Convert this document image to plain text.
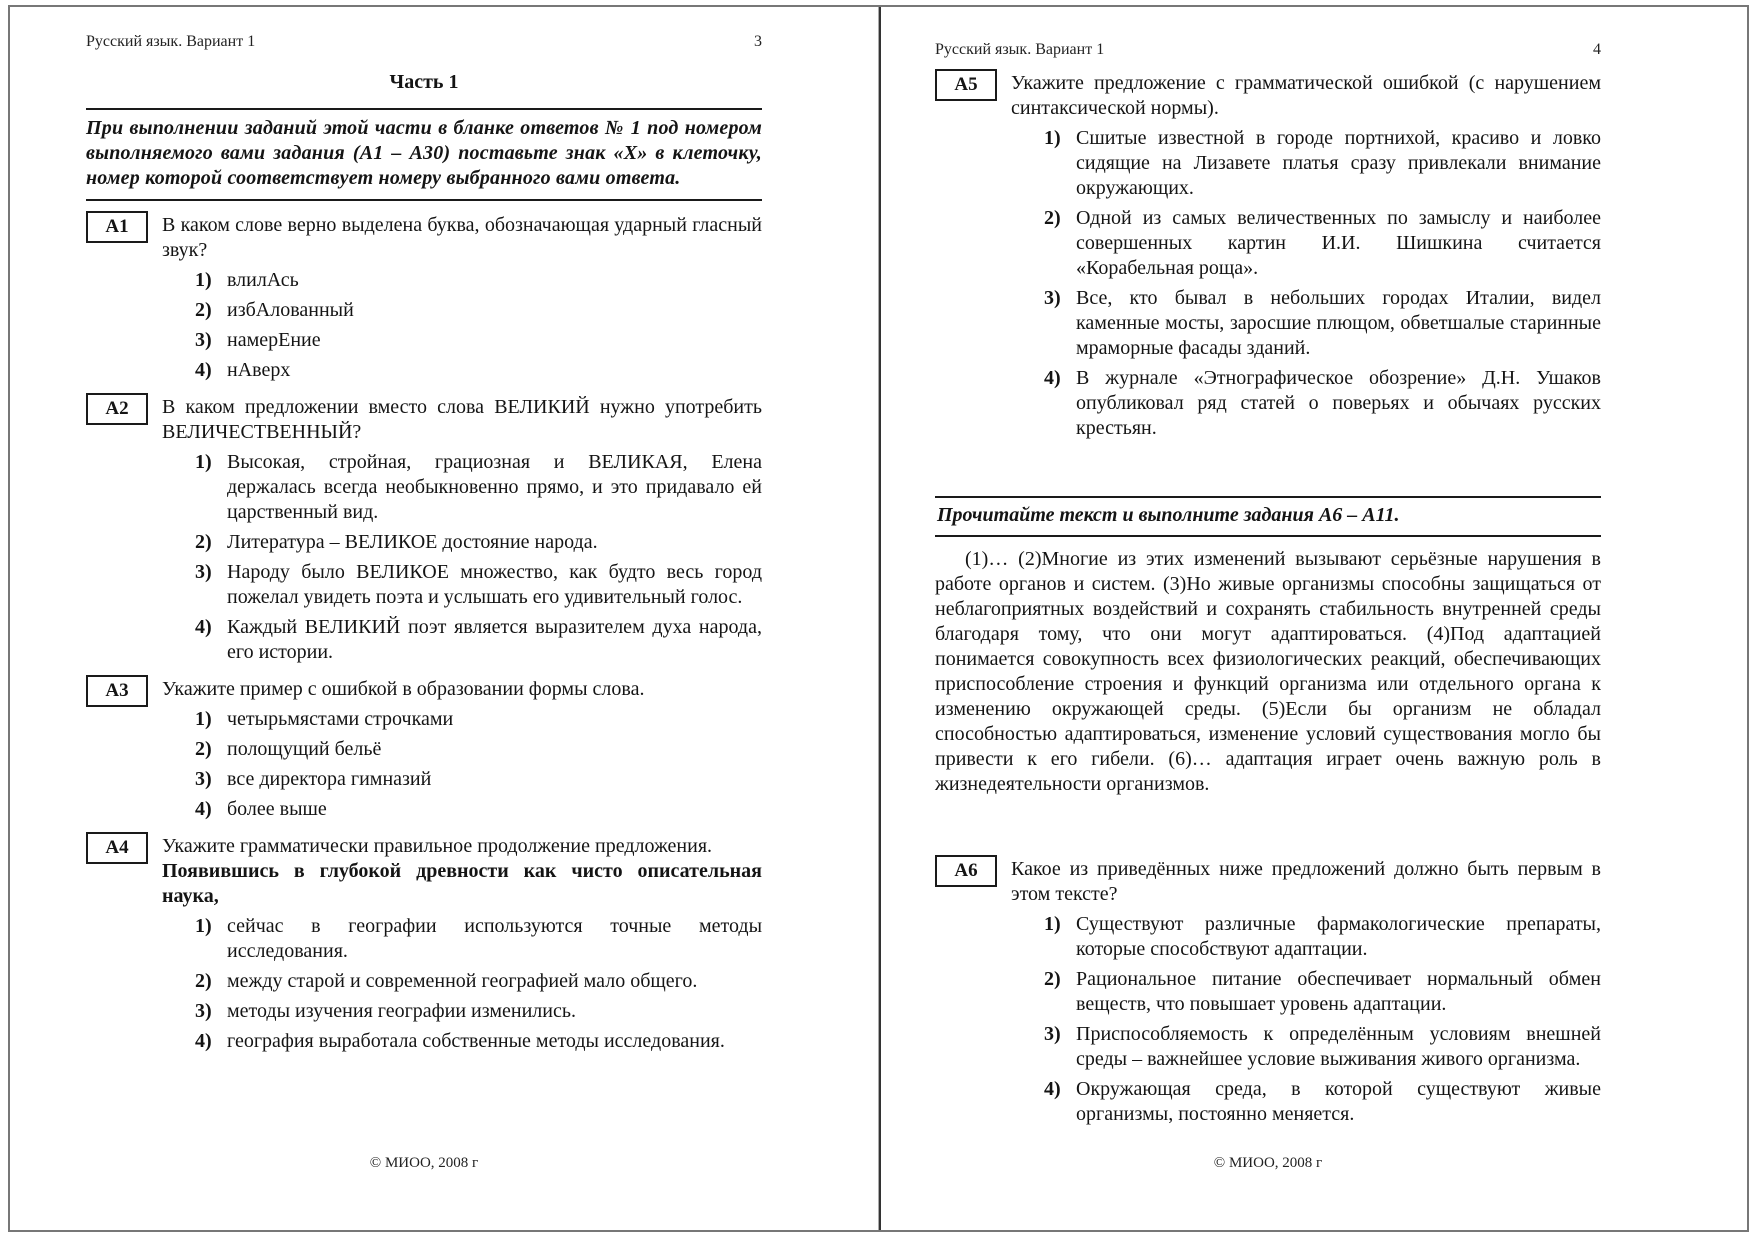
Русский язык. Вариант 1	3
Часть 1
При выполнении заданий этой части в бланке ответов № 1 под номером выполняемого вами задания (А1 – А30) поставьте знак «Х» в клеточку, номер которой соответствует номеру выбранного вами ответа.
А1 В каком слове верно выделена буква, обозначающая ударный гласный звук?
1) влилАсь
2) избАлованный
3) намерЕние
4) нАверх
А2 В каком предложении вместо слова ВЕЛИКИЙ нужно употребить ВЕЛИЧЕСТВЕННЫЙ?
1) Высокая, стройная, грациозная и ВЕЛИКАЯ, Елена держалась всегда необыкновенно прямо, и это придавало ей царственный вид.
2) Литература – ВЕЛИКОЕ достояние народа.
3) Народу было ВЕЛИКОЕ множество, как будто весь город пожелал увидеть поэта и услышать его удивительный голос.
4) Каждый ВЕЛИКИЙ поэт является выразителем духа народа, его истории.
А3 Укажите пример с ошибкой в образовании формы слова.
1) четырьмястами строчками
2) полощущий бельё
3) все директора гимназий
4) более выше
А4 Укажите грамматически правильное продолжение предложения.
Появившись в глубокой древности как чисто описательная наука,
1) сейчас в географии используются точные методы исследования.
2) между старой и современной географией мало общего.
3) методы изучения географии изменились.
4) география выработала собственные методы исследования.
© МИОО, 2008 г
Русский язык. Вариант 1	4
А5 Укажите предложение с грамматической ошибкой (с нарушением синтаксической нормы).
1) Сшитые известной в городе портнихой, красиво и ловко сидящие на Лизавете платья сразу привлекали внимание окружающих.
2) Одной из самых величественных по замыслу и наиболее совершенных картин И.И. Шишкина считается «Корабельная роща».
3) Все, кто бывал в небольших городах Италии, видел каменные мосты, заросшие плющом, обветшалые старинные мраморные фасады зданий.
4) В журнале «Этнографическое обозрение» Д.Н. Ушаков опубликовал ряд статей о поверьях и обычаях русских крестьян.
Прочитайте текст и выполните задания А6 – А11.
(1)… (2)Многие из этих изменений вызывают серьёзные нарушения в работе органов и систем. (3)Но живые организмы способны защищаться от неблагоприятных воздействий и сохранять стабильность внутренней среды благодаря тому, что они могут адаптироваться. (4)Под адаптацией понимается совокупность всех физиологических реакций, обеспечивающих приспособление строения и функций организма или отдельного органа к изменению окружающей среды. (5)Если бы организм не обладал способностью адаптироваться, изменение условий существования могло бы привести к его гибели. (6)… адаптация играет очень важную роль в жизнедеятельности организмов.
А6 Какое из приведённых ниже предложений должно быть первым в этом тексте?
1) Существуют различные фармакологические препараты, которые способствуют адаптации.
2) Рациональное питание обеспечивает нормальный обмен веществ, что повышает уровень адаптации.
3) Приспособляемость к определённым условиям внешней среды – важнейшее условие выживания живого организма.
4) Окружающая среда, в которой существуют живые организмы, постоянно меняется.
© МИОО, 2008 г
